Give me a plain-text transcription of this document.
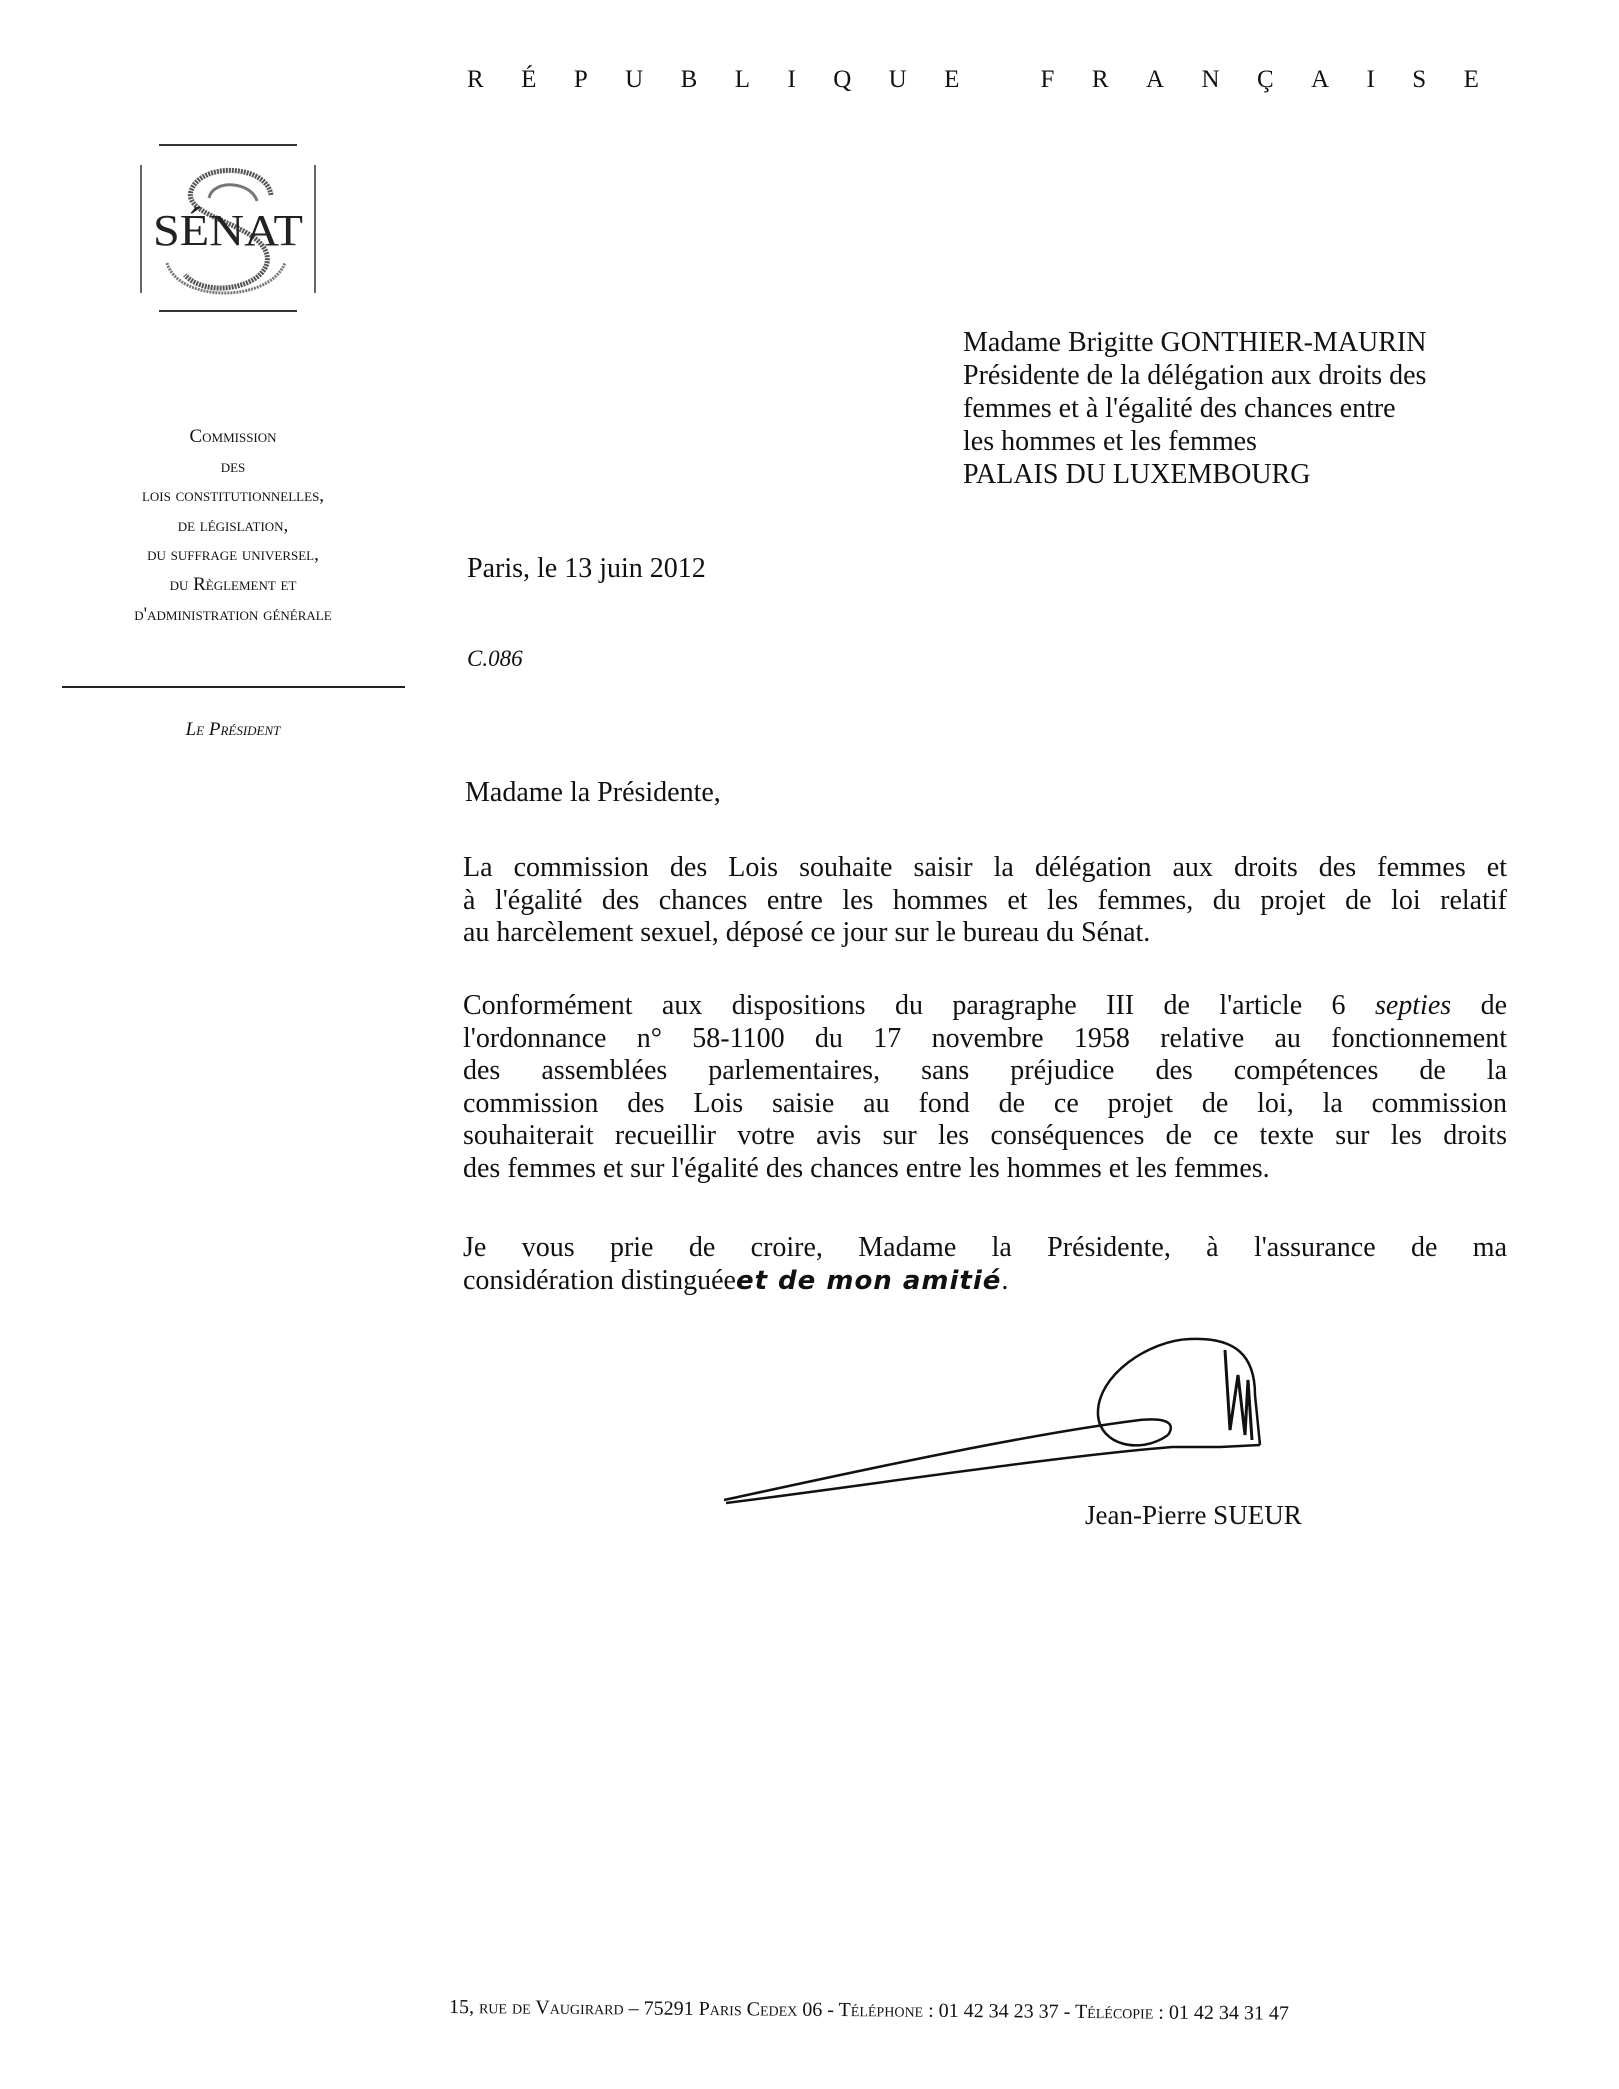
R É P U B L I Q U E
	F R A N Ç A I S E
SÉNAT
Commission
des
lois constitutionnelles,
de législation,
du suffrage universel,
du Règlement et
d'administration générale
Le Président
Madame Brigitte GONTHIER-MAURIN
Présidente de la délégation aux droits des
femmes et à l'égalité des chances entre
les hommes et les femmes
PALAIS DU LUXEMBOURG
Paris, le 13 juin 2012
C.086
Madame la Présidente,
La commission des Lois souhaite saisir la délégation aux droits des femmes et
à l'égalité des chances entre les hommes et les femmes, du projet de loi relatif
au harcèlement sexuel, déposé ce jour sur le bureau du Sénat.
Conformément aux dispositions du paragraphe III de l'article 6 septies de
l'ordonnance n° 58-1100 du 17 novembre 1958 relative au fonctionnement
des assemblées parlementaires, sans préjudice des compétences de la
commission des Lois saisie au fond de ce projet de loi, la commission
souhaiterait recueillir votre avis sur les conséquences de ce texte sur les droits
des femmes et sur l'égalité des chances entre les hommes et les femmes.
Je vous prie de croire, Madame la Présidente, à l'assurance de ma
considération distinguéeet de mon amitié.
Jean-Pierre SUEUR
15, rue de Vaugirard – 75291 Paris Cedex 06 - Téléphone : 01 42 34 23 37 - Télécopie : 01 42 34 31 47
